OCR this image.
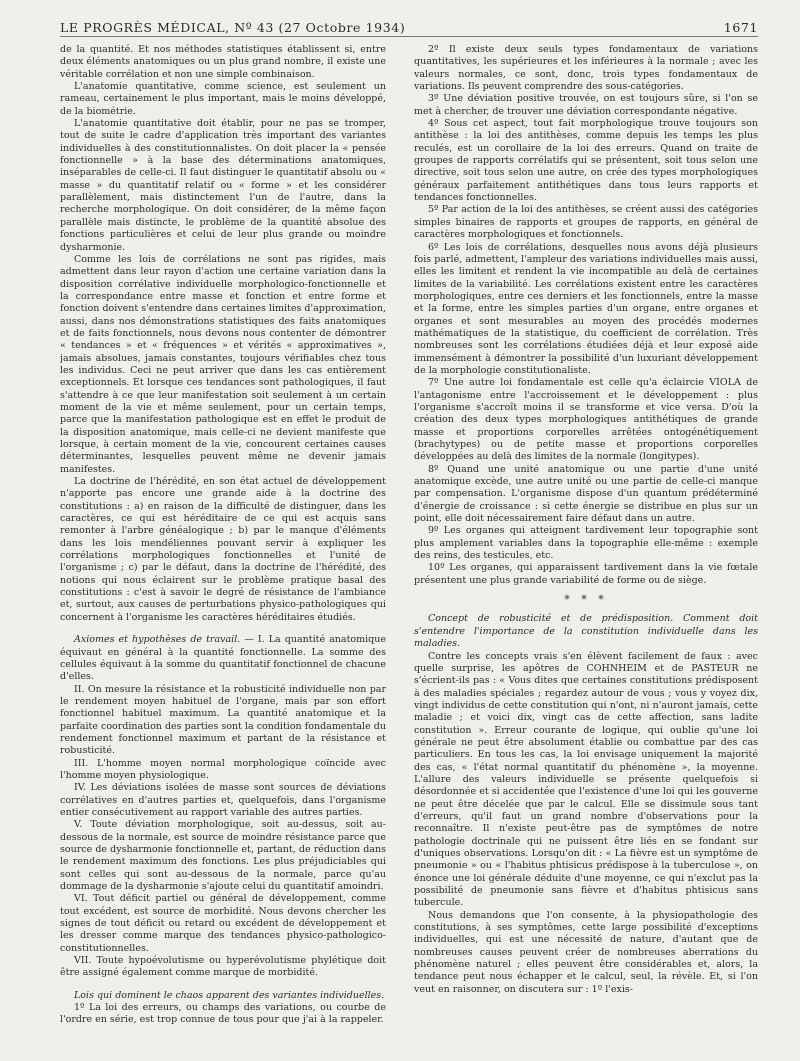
LE PROGRÈS MÉDICAL, Nº 43 (27 Octobre 1934)	1671

de la quantité. Et nos méthodes statistiques établissent si, entre deux éléments anatomiques ou un plus grand nombre, il existe une véritable corrélation et non une simple combinaison.

L'anatomie quantitative, comme science, est seulement un rameau, certainement le plus important, mais le moins développé, de la biométrie.

L'anatomie quantitative doit établir, pour ne pas se tromper, tout de suite le cadre d'application très important des variantes individuelles à des constitutionnalistes. On doit placer la « pensée fonctionnelle » à la base des déterminations anatomiques, inséparables de celle-ci. Il faut distinguer le quantitatif absolu ou « masse » du quantitatif relatif ou « forme » et les considérer parallèlement, mais distinctement l'un de l'autre, dans la recherche morphologique. On doit considérer, de la même façon parallèle mais distincte, le problème de la quantité absolue des fonctions particulières et celui de leur plus grande ou moindre dysharmonie.

Comme les lois de corrélations ne sont pas rigides, mais admettent dans leur rayon d'action une certaine variation dans la disposition corrélative individuelle morphologico-fonctionnelle et la correspondance entre masse et fonction et entre forme et fonction doivent s'entendre dans certaines limites d'approximation, aussi, dans nos démonstrations statistiques des faits anatomiques et de faits fonctionnels, nous devons nous contenter de démontrer « tendances » et « fréquences » et vérités « approximatives », jamais absolues, jamais constantes, toujours vérifiables chez tous les individus. Ceci ne peut arriver que dans les cas entièrement exceptionnels. Et lorsque ces tendances sont pathologiques, il faut s'attendre à ce que leur manifestation soit seulement à un certain moment de la vie et même seulement, pour un certain temps, parce que la manifestation pathologique est en effet le produit de la disposition anatomique, mais celle-ci ne devient manifeste que lorsque, à certain moment de la vie, concourent certaines causes déterminantes, lesquelles peuvent même ne devenir jamais manifestes.

La doctrine de l'hérédité, en son état actuel de développement n'apporte pas encore une grande aide à la doctrine des constitutions : a) en raison de la difficulté de distinguer, dans les caractères, ce qui est héréditaire de ce qui est acquis sans remonter à l'arbre généalogique ; b) par le manque d'éléments dans les lois mendéliennes pouvant servir à expliquer les corrélations morphologiques fonctionnelles et l'unité de l'organisme ; c) par le défaut, dans la doctrine de l'hérédité, des notions qui nous éclairent sur le problème pratique basal des constitutions : c'est à savoir le degré de résistance de l'ambiance et, surtout, aux causes de perturbations physico-pathologiques qui concernent à l'organisme les caractères héréditaires étudiés.

Axiomes et hypothèses de travail. — I. La quantité anatomique équivaut en général à la quantité fonctionnelle. La somme des cellules équivaut à la somme du quantitatif fonctionnel de chacune d'elles.

II. On mesure la résistance et la robusticité individuelle non par le rendement moyen habituel de l'organe, mais par son effort fonctionnel habituel maximum. La quantité anatomique et la parfaite coordination des parties sont la condition fondamentale du rendement fonctionnel maximum et partant de la résistance et robusticité.

III. L'homme moyen normal morphologique coïncide avec l'homme moyen physiologique.

IV. Les déviations isolées de masse sont sources de déviations corrélatives en d'autres parties et, quelquefois, dans l'organisme entier consécutivement au rapport variable des autres parties.

V. Toute déviation morphologique, soit au-dessus, soit au-dessous de la normale, est source de moindre résistance parce que source de dysharmonie fonctionnelle et, partant, de réduction dans le rendement maximum des fonctions. Les plus préjudiciables qui sont celles qui sont au-dessous de la normale, parce qu'au dommage de la dysharmonie s'ajoute celui du quantitatif amoindri.

VI. Tout déficit partiel ou général de développement, comme tout excédent, est source de morbidité. Nous devons chercher les signes de tout déficit ou retard ou excédent de développement et les dresser comme marque des tendances physico-pathologico-constitutionnelles.

VII. Toute hypoévolutisme ou hyperévolutisme phylétique doit être assigné également comme marque de morbidité.

Lois qui dominent le chaos apparent des variantes individuelles.

1º La loi des erreurs, ou champs des variations, ou courbe de l'ordre en série, est trop connue de tous pour que j'ai à la rappeler.

2º Il existe deux seuls types fondamentaux de variations quantitatives, les supérieures et les inférieures à la normale ; avec les valeurs normales, ce sont, donc, trois types fondamentaux de variations. Ils peuvent comprendre des sous-catégories.

3º Une déviation positive trouvée, on est toujours sûre, si l'on se met à chercher, de trouver une déviation correspondante négative.

4º Sous cet aspect, tout fait morphologique trouve toujours son antithèse : la loi des antithèses, comme depuis les temps les plus reculés, est un corollaire de la loi des erreurs. Quand on traite de groupes de rapports corrélatifs qui se présentent, soit tous selon une directive, soit tous selon une autre, on crée des types morphologiques généraux parfaitement antithétiques dans tous leurs rapports et tendances fonctionnelles.

5º Par action de la loi des antithèses, se créent aussi des catégories simples binaires de rapports et groupes de rapports, en général de caractères morphologiques et fonctionnels.

6º Les lois de corrélations, desquelles nous avons déjà plusieurs fois parlé, admettent, l'ampleur des variations individuelles mais aussi, elles les limitent et rendent la vie incompatible au delà de certaines limites de la variabilité. Les corrélations existent entre les caractères morphologiques, entre ces derniers et les fonctionnels, entre la masse et la forme, entre les simples parties d'un organe, entre organes et organes et sont mesurables au moyen des procédés modernes mathématiques de la statistique, du coefficient de corrélation. Très nombreuses sont les corrélations étudiées déjà et leur exposé aide immensément à démontrer la possibilité d'un luxuriant développement de la morphologie constitutionaliste.

7º Une autre loi fondamentale est celle qu'a éclaircie VIOLA de l'antagonisme entre l'accroissement et le développement : plus l'organisme s'accroît moins il se transforme et vice versa. D'où la création des deux types morphologiques antithétiques de grande masse et proportions corporelles arrêtées ontogénétiquement (brachytypes) ou de petite masse et proportions corporelles développées au delà des limites de la normale (longitypes).

8º Quand une unité anatomique ou une partie d'une unité anatomique excède, une autre unité ou une partie de celle-ci manque par compensation. L'organisme dispose d'un quantum prédéterminé d'énergie de croissance : si cette énergie se distribue en plus sur un point, elle doit nécessairement faire défaut dans un autre.

9º Les organes qui atteignent tardivement leur topographie sont plus amplement variables dans la topographie elle-même : exemple des reins, des testicules, etc.

10º Les organes, qui apparaissent tardivement dans la vie fœtale présentent une plus grande variabilité de forme ou de siège.

* * *

Concept de robusticité et de prédisposition. Comment doit s'entendre l'importance de la constitution individuelle dans les maladies.

Contre les concepts vrais s'en élèvent facilement de faux : avec quelle surprise, les apôtres de COHNHEIM et de PASTEUR ne s'écrient-ils pas : « Vous dites que certaines constitutions prédisposent à des maladies spéciales ; regardez autour de vous ; vous y voyez dix, vingt individus de cette constitution qui n'ont, ni n'auront jamais, cette maladie ; et voici dix, vingt cas de cette affection, sans ladite constitution ». Erreur courante de logique, qui oublie qu'une loi générale ne peut être absolument établie ou combattue par des cas particuliers. En tous les cas, la loi envisage uniquement la majorité des cas, « l'état normal quantitatif du phénomène », la moyenne. L'allure des valeurs individuelle se présente quelquefois si désordonnée et si accidentée que l'existence d'une loi qui les gouverne ne peut être décelée que par le calcul. Elle se dissimule sous tant d'erreurs, qu'il faut un grand nombre d'observations pour la reconnaître. Il n'existe peut-être pas de symptômes de notre pathologie doctrinale qui ne puissent être liés en se fondant sur d'uniques observations. Lorsqu'on dit : « La fièvre est un symptôme de pneumonie » ou « l'habitus phtisicus prédispose à la tuberculose », on énonce une loi générale déduite d'une moyenne, ce qui n'exclut pas la possibilité de pneumonie sans fièvre et d'habitus phtisicus sans tubercule.

Nous demandons que l'on consente, à la physiopathologie des constitutions, à ses symptômes, cette large possibilité d'exceptions individuelles, qui est une nécessité de nature, d'autant que de nombreuses causes peuvent créer de nombreuses aberrations du phénomène naturel ; elles peuvent être considérables et, alors, la tendance peut nous échapper et le calcul, seul, la révèle. Et, si l'on veut en raisonner, on discutera sur : 1º l'exis-
